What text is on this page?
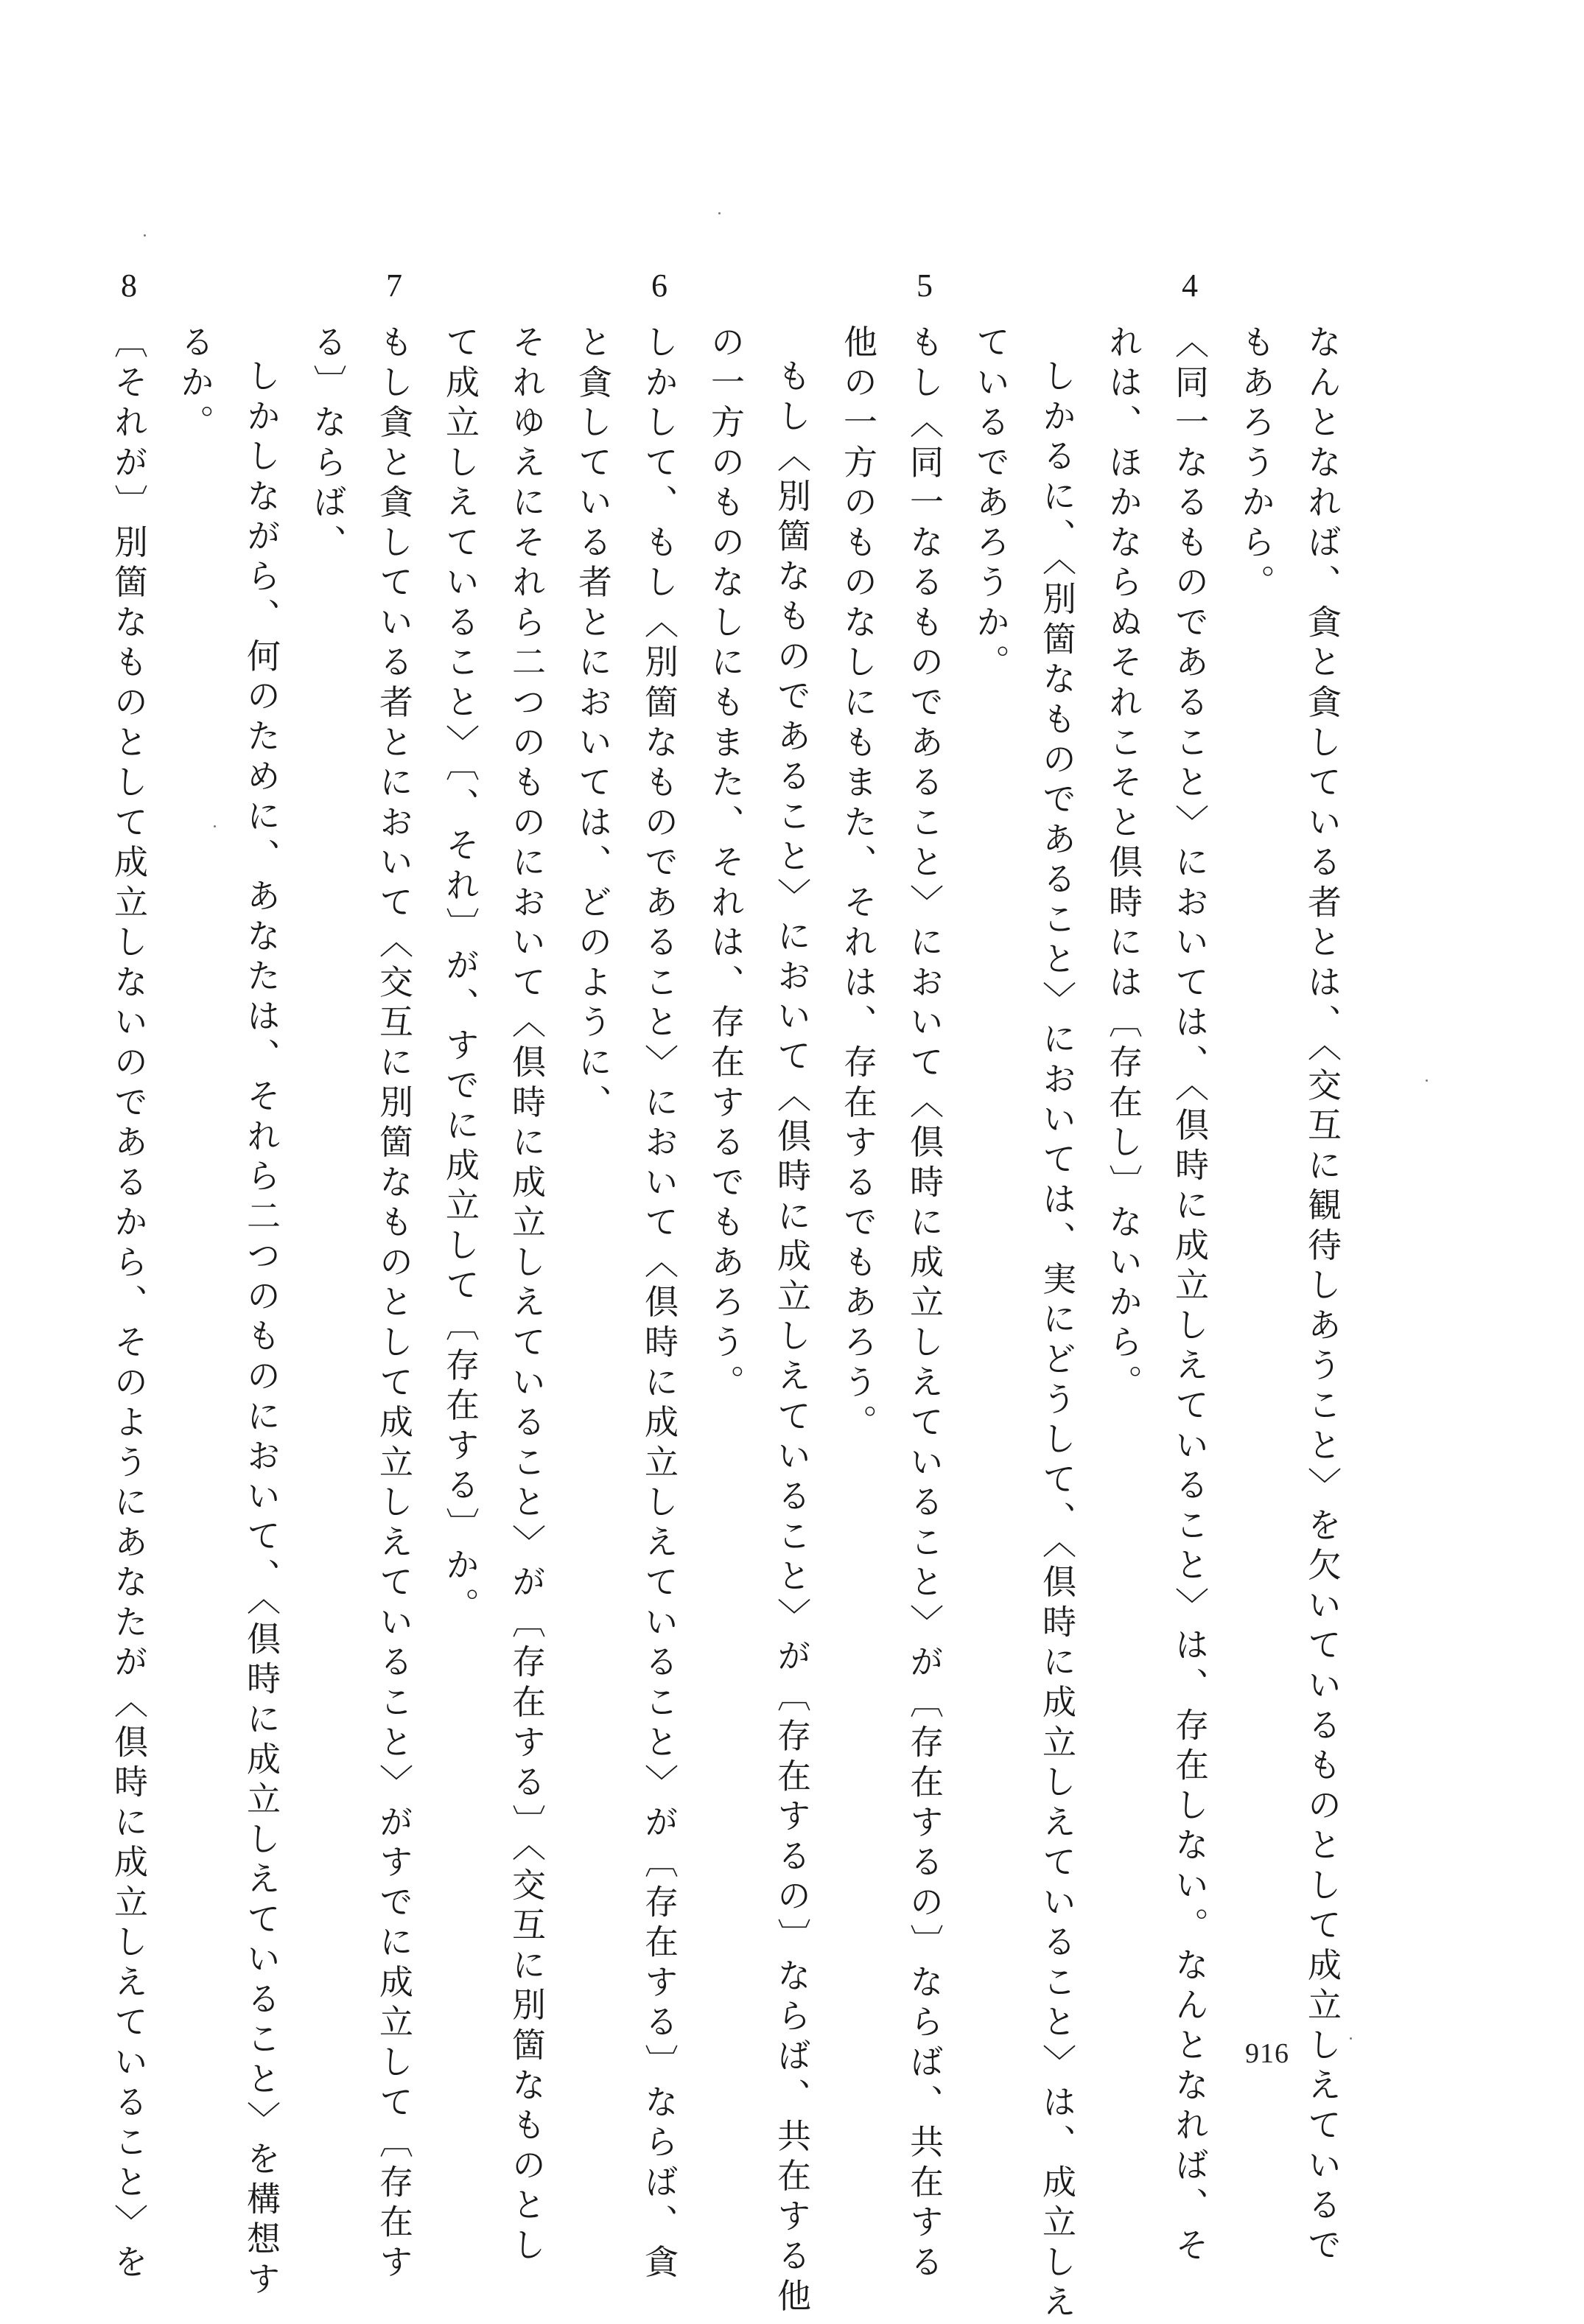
なんとなれば、貪と貪している者とは、〈交互に観待しあうこと〉を欠いているものとして成立しえているで
もあろうから。
4
〈同一なるものであること〉においては、〈倶時に成立しえていること〉は、存在しない。なんとなれば、そ
れは、ほかならぬそれこそと倶時には〔存在し〕ないから。
しかるに、〈別箇なものであること〉においては、実にどうして、〈倶時に成立しえていること〉は、成立しえ
ているであろうか。
5
もし〈同一なるものであること〉において〈倶時に成立しえていること〉が〔存在するの〕ならば、共在する
他の一方のものなしにもまた、それは、存在するでもあろう。
もし〈別箇なものであること〉において〈倶時に成立しえていること〉が〔存在するの〕ならば、共在する他
の一方のものなしにもまた、それは、存在するでもあろう。
6
しかして、もし〈別箇なものであること〉において〈倶時に成立しえていること〉が〔存在する〕ならば、貪
と貪している者とにおいては、どのように、
それゆえにそれら二つのものにおいて〈倶時に成立しえていること〉が〔存在する〕〈交互に別箇なものとし
て成立しえていること〉〔、それ〕が、すでに成立して〔存在する〕か。
7
もし貪と貪している者とにおいて〈交互に別箇なものとして成立しえていること〉がすでに成立して〔存在す
る〕ならば、
しかしながら、何のために、あなたは、それら二つのものにおいて、〈倶時に成立しえていること〉を構想す
るか。
8
〔それが〕別箇なものとして成立しないのであるから、そのようにあなたが〈倶時に成立しえていること〉を	916
